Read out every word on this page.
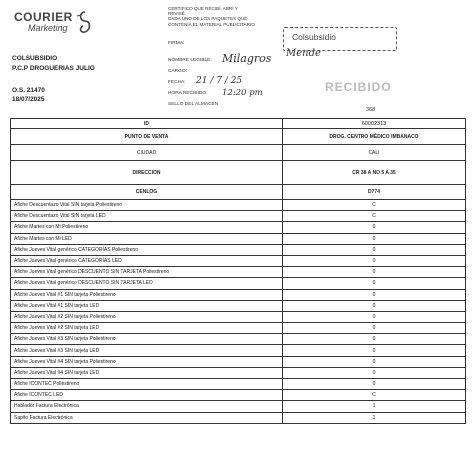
COURIER
Marketing
COLSUBSIDIO
P.C.P DROGUERIAS JULIO
O.S. 21470
18/07/2025
CERTIFICO QUE RECIBÍ, ABRÍ Y
REVISÉ
CADA UNO DE LOS PAQUETES QUE
CONTENÍA EL MATERIAL PUBLICITARIO
FIRMA:
NOMBRE LEGIBLE:
CARGO:
FECHA:
HORA RECIBIDO:
SELLO DEL ALMACÉN
Milagros
21 / 7 / 25
12:20 pm
Mende
Colsubsidio
RECIBIDO
368
ID	60002313
PUNTO DE VENTA	DROG. CENTRO MÉDICO IMBANACO
CIUDAD	CALI
DIRECCION	CR 38 A NO 5 A 35
CENLOG	D774
Afiche Descuentazo Vital SIN tarjeta Poliestireno	C
Afiche Descuentazo Vital SIN tarjeta LED	C
Afiche Martes con Mi Poliestireno	0
Afiche Martes con Mi LED	0
Afiche Jueves Vital genérico CATEGORÍAS Poliestireno	0
Afiche Jueves Vital genérico CATEGORÍAS LED	0
Afiche Jueves Vital genérico DESCUENTO SIN TARJETA Poliestireno	0
Afiche Jueves Vital genérico DESCUENTO SIN TARJETA LED	0
Afiche Jueves Vital #1 SIN tarjeta Poliestireno	0
Afiche Jueves Vital #1 SIN tarjeta LED	0
Afiche Jueves Vital #2 SIN tarjeta Poliestireno	0
Afiche Jueves Vital #2 SIN tarjeta LED	0
Afiche Jueves Vital #3 SIN tarjeta Poliestireno	0
Afiche Jueves Vital #3 SIN tarjeta LED	0
Afiche Jueves Vital #4 SIN tarjeta Poliestireno	0
Afiche Jueves Vital #4 SIN tarjeta LED	0
Afiche ICONTEC Poliestireno	0
Afiche ICONTEC LED	C
Habladör Factura Electrónica	1
Sapito Factura Electrónica	1
